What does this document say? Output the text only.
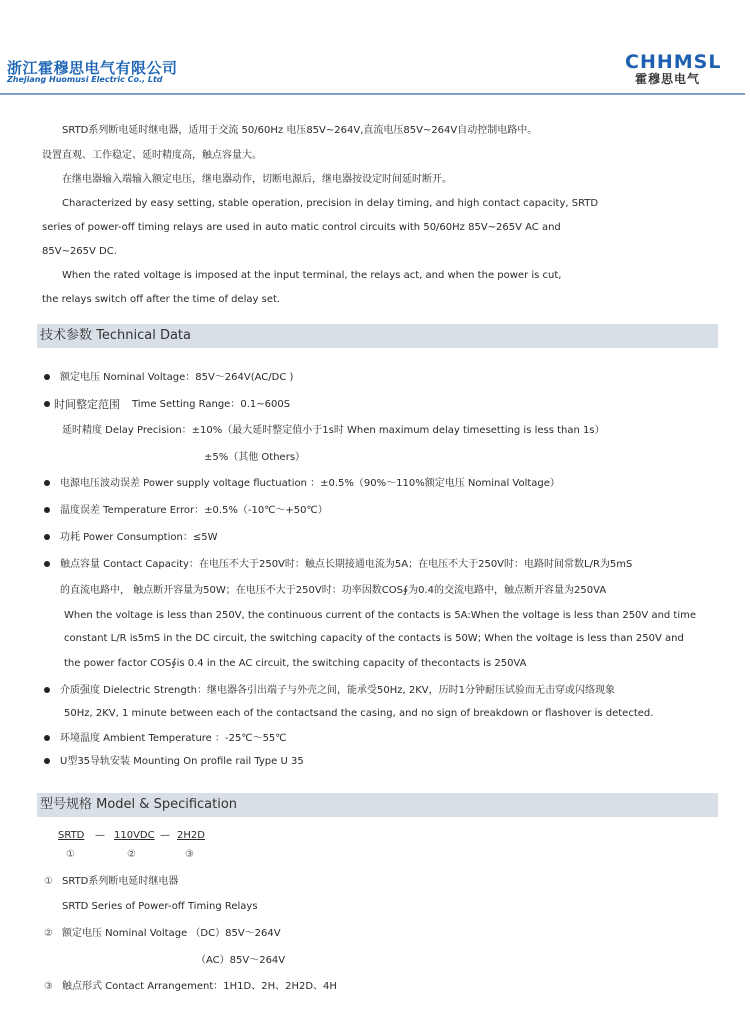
浙江霍穆思电气有限公司
Zhejiang Huomusi Electric Co., Ltd
CHHMSL
霍穆思电气
SRTD系列断电延时继电器，适用于交流 50/60Hz 电压85V~264V,直流电压85V~264V自动控制电路中。
设置直观、工作稳定、延时精度高，触点容量大。
在继电器输入端输入额定电压，继电器动作，切断电源后，继电器按设定时间延时断开。
Characterized by easy setting, stable operation, precision in delay timing, and high contact capacity, SRTD
series of power-off timing relays are used in auto matic control circuits with 50/60Hz 85V~265V AC and
85V~265V DC.
When the rated voltage is imposed at the input terminal, the relays act, and when the power is cut,
the relays switch off after the time of delay set.
技术参数 Technical Data
额定电压 Nominal Voltage：85V～264V(AC/DC )
时间整定范围 Time Setting Range：0.1~600S
延时精度 Delay Precision：±10%（最大延时整定值小于1s时 When maximum delay timesetting is less than 1s）
±5%（其他 Others）
电源电压波动误差 Power supply voltage fluctuation ：±0.5%（90%～110%额定电压 Nominal Voltage）
温度误差 Temperature Error：±0.5%（-10℃～+50℃）
功耗 Power Consumption：≤5W
触点容量 Contact Capacity：在电压不大于250V时：触点长期接通电流为5A；在电压不大于250V时：电路时间常数L/R为5mS
的直流电路中， 触点断开容量为50W；在电压不大于250V时：功率因数COS∮为0.4的交流电路中，触点断开容量为250VA
When the voltage is less than 250V, the continuous current of the contacts is 5A:When the voltage is less than 250V and time
constant L/R is5mS in the DC circuit, the switching capacity of the contacts is 50W; When the voltage is less than 250V and
the power factor COS∮is 0.4 in the AC circuit, the switching capacity of thecontacts is 250VA
介质强度 Dielectric Strength：继电器各引出端子与外壳之间，能承受50Hz, 2KV，历时1分钟耐压试验而无击穿或闪络现象
50Hz, 2KV, 1 minute between each of the contactsand the casing, and no sign of breakdown or flashover is detected.
环境温度 Ambient Temperature ：-25℃～55℃
U型35导轨安装 Mounting On profile rail Type U 35
型号规格 Model & Specification
SRTD — 110VDC — 2H2D
①	②	③
① SRTD系列断电延时继电器
SRTD Series of Power-off Timing Relays
② 额定电压 Nominal Voltage （DC）85V～264V
（AC）85V～264V
③ 触点形式 Contact Arrangement：1H1D、2H、2H2D、4H
